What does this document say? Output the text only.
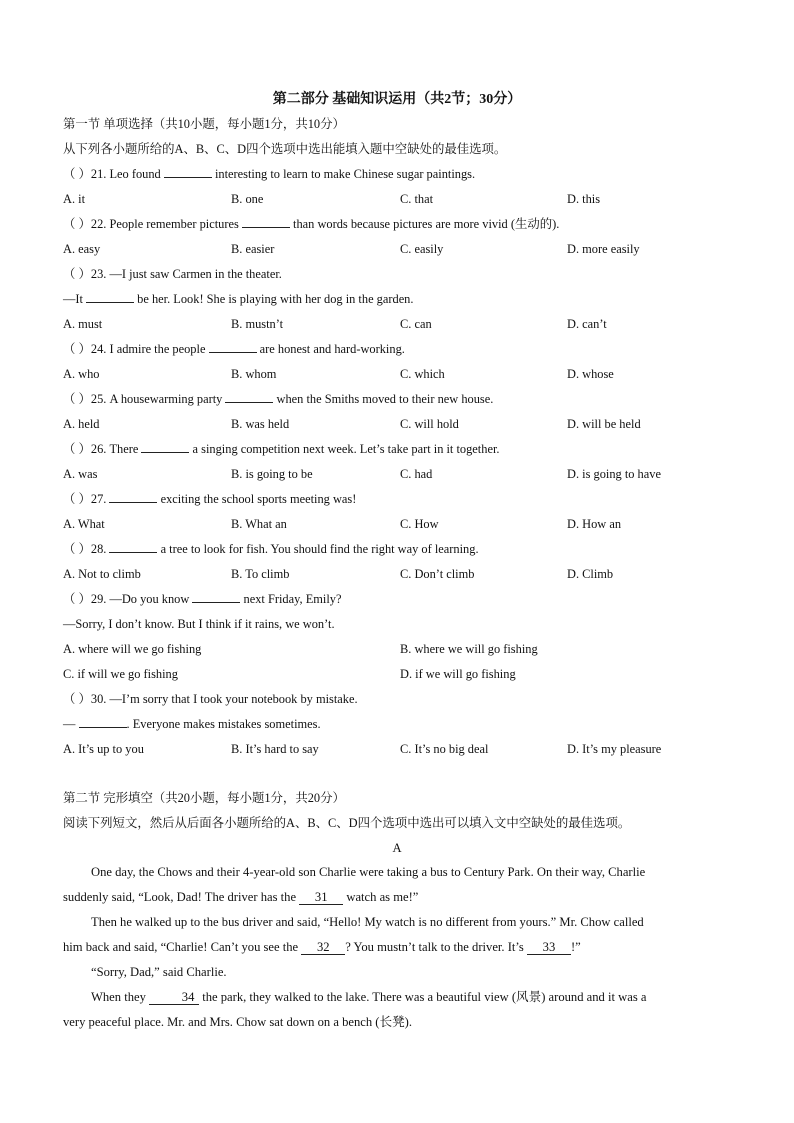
第二部分 基础知识运用（共2节；30分）
第一节 单项选择（共10小题，每小题1分，共10分）
从下列各小题所给的A、B、C、D四个选项中选出能填入题中空缺处的最佳选项。
（ ）21. Leo found	interesting to learn to make Chinese sugar paintings.
A. it	B. one	C. that	D. this
（ ）22. People remember pictures	than words because pictures are more vivid (生动的).
A. easy	B. easier	C. easily	D. more easily
（ ）23. —I just saw Carmen in the theater.
—It	be her. Look! She is playing with her dog in the garden.
A. must	B. mustn’t	C. can	D. can’t
（ ）24. I admire the people	are honest and hard-working.
A. who	B. whom	C. which	D. whose
（ ）25. A housewarming party	when the Smiths moved to their new house.
A. held	B. was held	C. will hold	D. will be held
（ ）26. There	a singing competition next week. Let’s take part in it together.
A. was	B. is going to be	C. had	D. is going to have
（ ）27.	exciting the school sports meeting was!
A. What	B. What an	C. How	D. How an
（ ）28.	a tree to look for fish. You should find the right way of learning.
A. Not to climb	B. To climb	C. Don’t climb	D. Climb
（ ）29. —Do you know	next Friday, Emily?
—Sorry, I don’t know. But I think if it rains, we won’t.
A. where will we go fishing	B. where we will go fishing
C. if will we go fishing	D. if we will go fishing
（ ）30. —I’m sorry that I took your notebook by mistake.
—	. Everyone makes mistakes sometimes.
A. It’s up to you	B. It’s hard to say	C. It’s no big deal	D. It’s my pleasure
第二节 完形填空（共20小题，每小题1分，共20分）
阅读下列短文，然后从后面各小题所给的A、B、C、D四个选项中选出可以填入文中空缺处的最佳选项。
A
One day, the Chows and their 4-year-old son Charlie were taking a bus to Century Park. On their way, Charlie
suddenly said, “Look, Dad! The driver has the 31 watch as me!”
Then he walked up to the bus driver and said, “Hello! My watch is no different from yours.” Mr. Chow called
him back and said, “Charlie! Can’t you see the 32 ? You mustn’t talk to the driver. It’s 33 !”
“Sorry, Dad,” said Charlie.
When they	34 the park, they walked to the lake. There was a beautiful view (风景) around and it was a
very peaceful place. Mr. and Mrs. Chow sat down on a bench (长凳).
